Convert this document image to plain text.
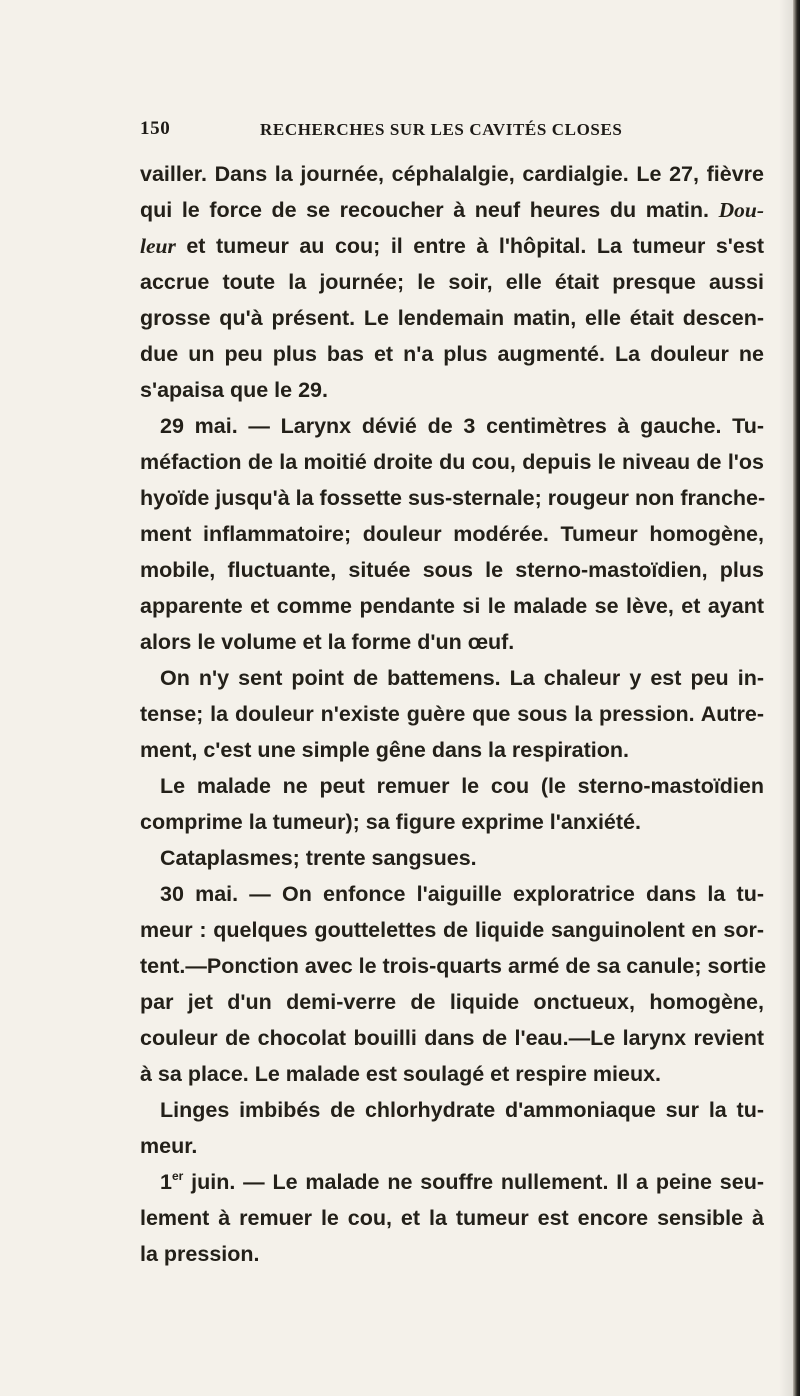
150	RECHERCHES SUR LES CAVITÉS CLOSES
vailler. Dans la journée, céphalalgie, cardialgie. Le 27, fièvre
qui le force de se recoucher à neuf heures du matin. Dou-
leur et tumeur au cou; il entre à l'hôpital. La tumeur s'est
accrue toute la journée; le soir, elle était presque aussi
grosse qu'à présent. Le lendemain matin, elle était descen-
due un peu plus bas et n'a plus augmenté. La douleur ne
s'apaisa que le 29.
29 mai. — Larynx dévié de 3 centimètres à gauche. Tu-
méfaction de la moitié droite du cou, depuis le niveau de l'os
hyoïde jusqu'à la fossette sus-sternale; rougeur non franche-
ment inflammatoire; douleur modérée. Tumeur homogène,
mobile, fluctuante, située sous le sterno-mastoïdien, plus
apparente et comme pendante si le malade se lève, et ayant
alors le volume et la forme d'un œuf.
On n'y sent point de battemens. La chaleur y est peu in-
tense; la douleur n'existe guère que sous la pression. Autre-
ment, c'est une simple gêne dans la respiration.
Le malade ne peut remuer le cou (le sterno-mastoïdien
comprime la tumeur); sa figure exprime l'anxiété.
Cataplasmes; trente sangsues.
30 mai. — On enfonce l'aiguille exploratrice dans la tu-
meur : quelques gouttelettes de liquide sanguinolent en sor-
tent.—Ponction avec le trois-quarts armé de sa canule; sortie
par jet d'un demi-verre de liquide onctueux, homogène,
couleur de chocolat bouilli dans de l'eau.—Le larynx revient
à sa place. Le malade est soulagé et respire mieux.
Linges imbibés de chlorhydrate d'ammoniaque sur la tu-
meur.
1er juin. — Le malade ne souffre nullement. Il a peine seu-
lement à remuer le cou, et la tumeur est encore sensible à
la pression.
